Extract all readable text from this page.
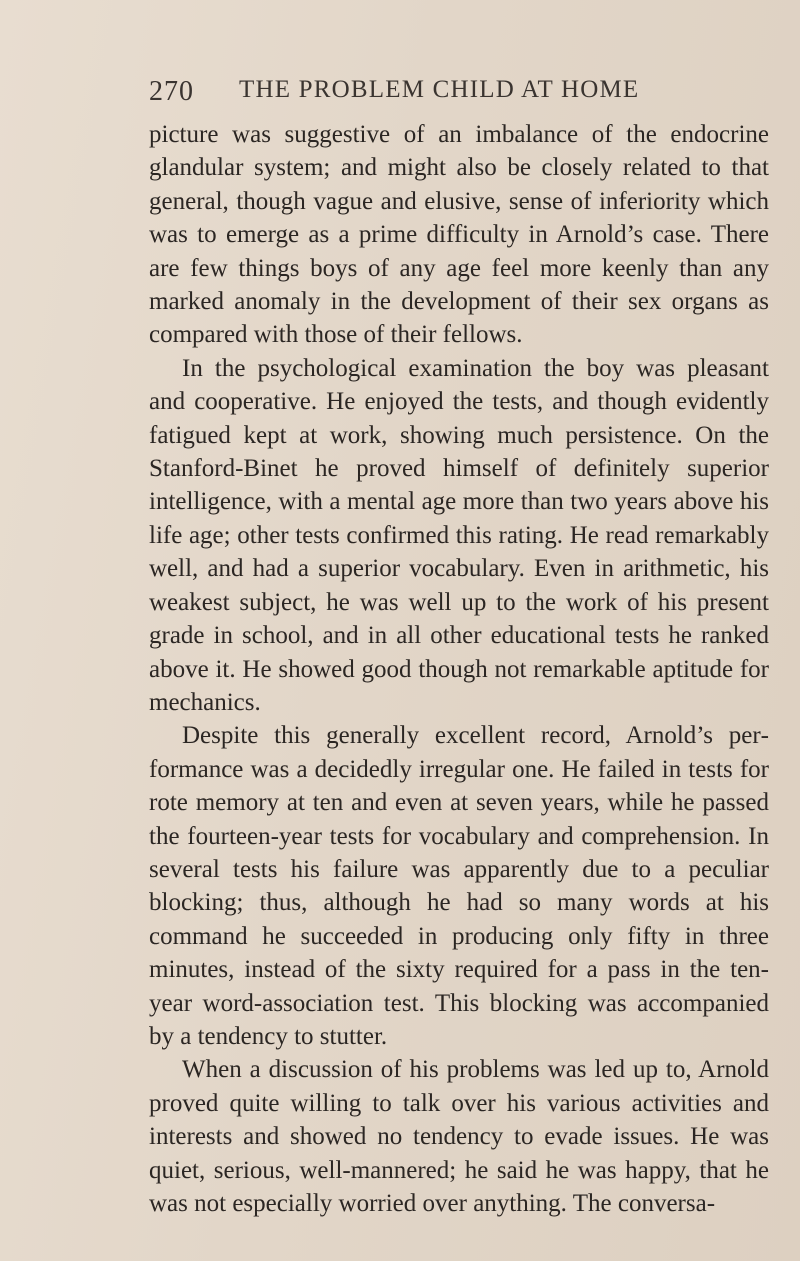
270 THE PROBLEM CHILD AT HOME

picture was suggestive of an imbalance of the endocrine glandular system; and might also be closely related to that general, though vague and elusive, sense of inferiority which was to emerge as a prime difficulty in Arnold’s case. There are few things boys of any age feel more keenly than any marked anomaly in the development of their sex organs as compared with those of their fellows.

In the psychological examination the boy was pleasant and cooperative. He enjoyed the tests, and though evidently fatigued kept at work, showing much persistence. On the Stanford-Binet he proved himself of definitely superior intelligence, with a mental age more than two years above his life age; other tests confirmed this rating. He read remarkably well, and had a superior vocabulary. Even in arithmetic, his weakest subject, he was well up to the work of his present grade in school, and in all other educational tests he ranked above it. He showed good though not remarkable aptitude for mechanics.

Despite this generally excellent record, Arnold’s performance was a decidedly irregular one. He failed in tests for rote memory at ten and even at seven years, while he passed the fourteen-year tests for vocabulary and comprehension. In several tests his failure was apparently due to a peculiar blocking; thus, although he had so many words at his command he succeeded in producing only fifty in three minutes, instead of the sixty required for a pass in the ten-year word-association test. This blocking was accompanied by a tendency to stutter.

When a discussion of his problems was led up to, Arnold proved quite willing to talk over his various activities and interests and showed no tendency to evade issues. He was quiet, serious, well-mannered; he said he was happy, that he was not especially worried over anything. The conversa-
